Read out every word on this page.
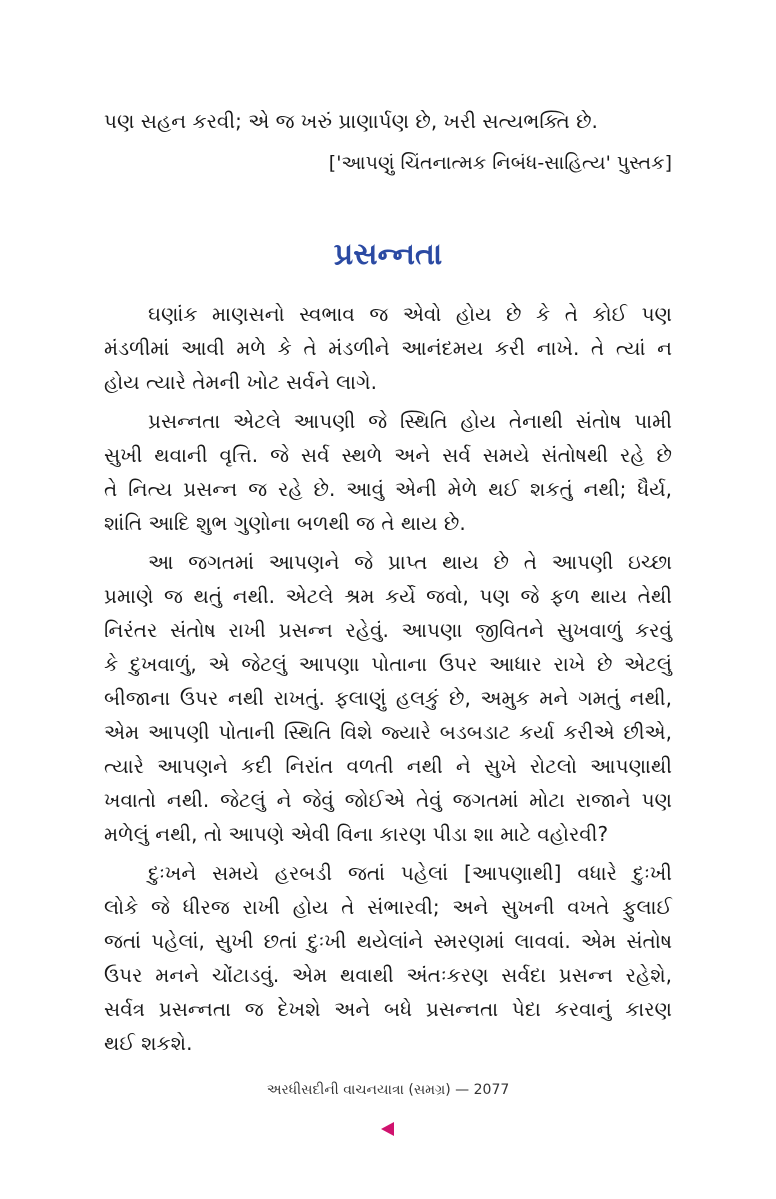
પણ સહન કરવી; એ જ ખરું પ્રાણાર્પણ છે, ખરી સત્યભક્તિ છે.
['આપણું ચિંતનાત્મક નિબંધ-સાહિત્ય' પુસ્તક]
પ્રસન્નતા
ઘણાંક માણસનો સ્વભાવ જ એવો હોય છે કે તે કોઈ પણ
મંડળીમાં આવી મળે કે તે મંડળીને આનંદમય કરી નાખે. તે ત્યાં ન
હોય ત્યારે તેમની ખોટ સર્વને લાગે.
પ્રસન્નતા એટલે આપણી જે સ્થિતિ હોય તેનાથી સંતોષ પામી
સુખી થવાની વૃત્તિ. જે સર્વ સ્થળે અને સર્વ સમયે સંતોષથી રહે છે
તે નિત્ય પ્રસન્ન જ રહે છે. આવું એની મેળે થઈ શકતું નથી; ધૈર્ય,
શાંતિ આદિ શુભ ગુણોના બળથી જ તે થાય છે.
આ જગતમાં આપણને જે પ્રાપ્ત થાય છે તે આપણી ઇચ્છા
પ્રમાણે જ થતું નથી. એટલે શ્રમ કર્યે જવો, પણ જે ફળ થાય તેથી
નિરંતર સંતોષ રાખી પ્રસન્ન રહેવું. આપણા જીવિતને સુખવાળું કરવું
કે દુખવાળું, એ જેટલું આપણા પોતાના ઉપર આધાર રાખે છે એટલું
બીજાના ઉપર નથી રાખતું. ફલાણું હલકું છે, અમુક મને ગમતું નથી,
એમ આપણી પોતાની સ્થિતિ વિશે જ્યારે બડબડાટ કર્યા કરીએ છીએ,
ત્યારે આપણને કદી નિરાંત વળતી નથી ને સુખે રોટલો આપણાથી
ખવાતો નથી. જેટલું ને જેવું જોઈએ તેવું જગતમાં મોટા રાજાને પણ
મળેલું નથી, તો આપણે એવી વિના કારણ પીડા શા માટે વહોરવી?
દુઃખને સમયે હરબડી જતાં પહેલાં [આપણાથી] વધારે દુઃખી
લોકે જે ધીરજ રાખી હોય તે સંભારવી; અને સુખની વખતે ફુલાઈ
જતાં પહેલાં, સુખી છતાં દુઃખી થયેલાંને સ્મરણમાં લાવવાં. એમ સંતોષ
ઉપર મનને ચોંટાડવું. એમ થવાથી અંતઃકરણ સર્વદા પ્રસન્ન રહેશે,
સર્વત્ર પ્રસન્નતા જ દેખશે અને બધે પ્રસન્નતા પેદા કરવાનું કારણ
થઈ શકશે.
અરધીસદીની વાચનયાત્રા (સમગ્ર) — 2077
